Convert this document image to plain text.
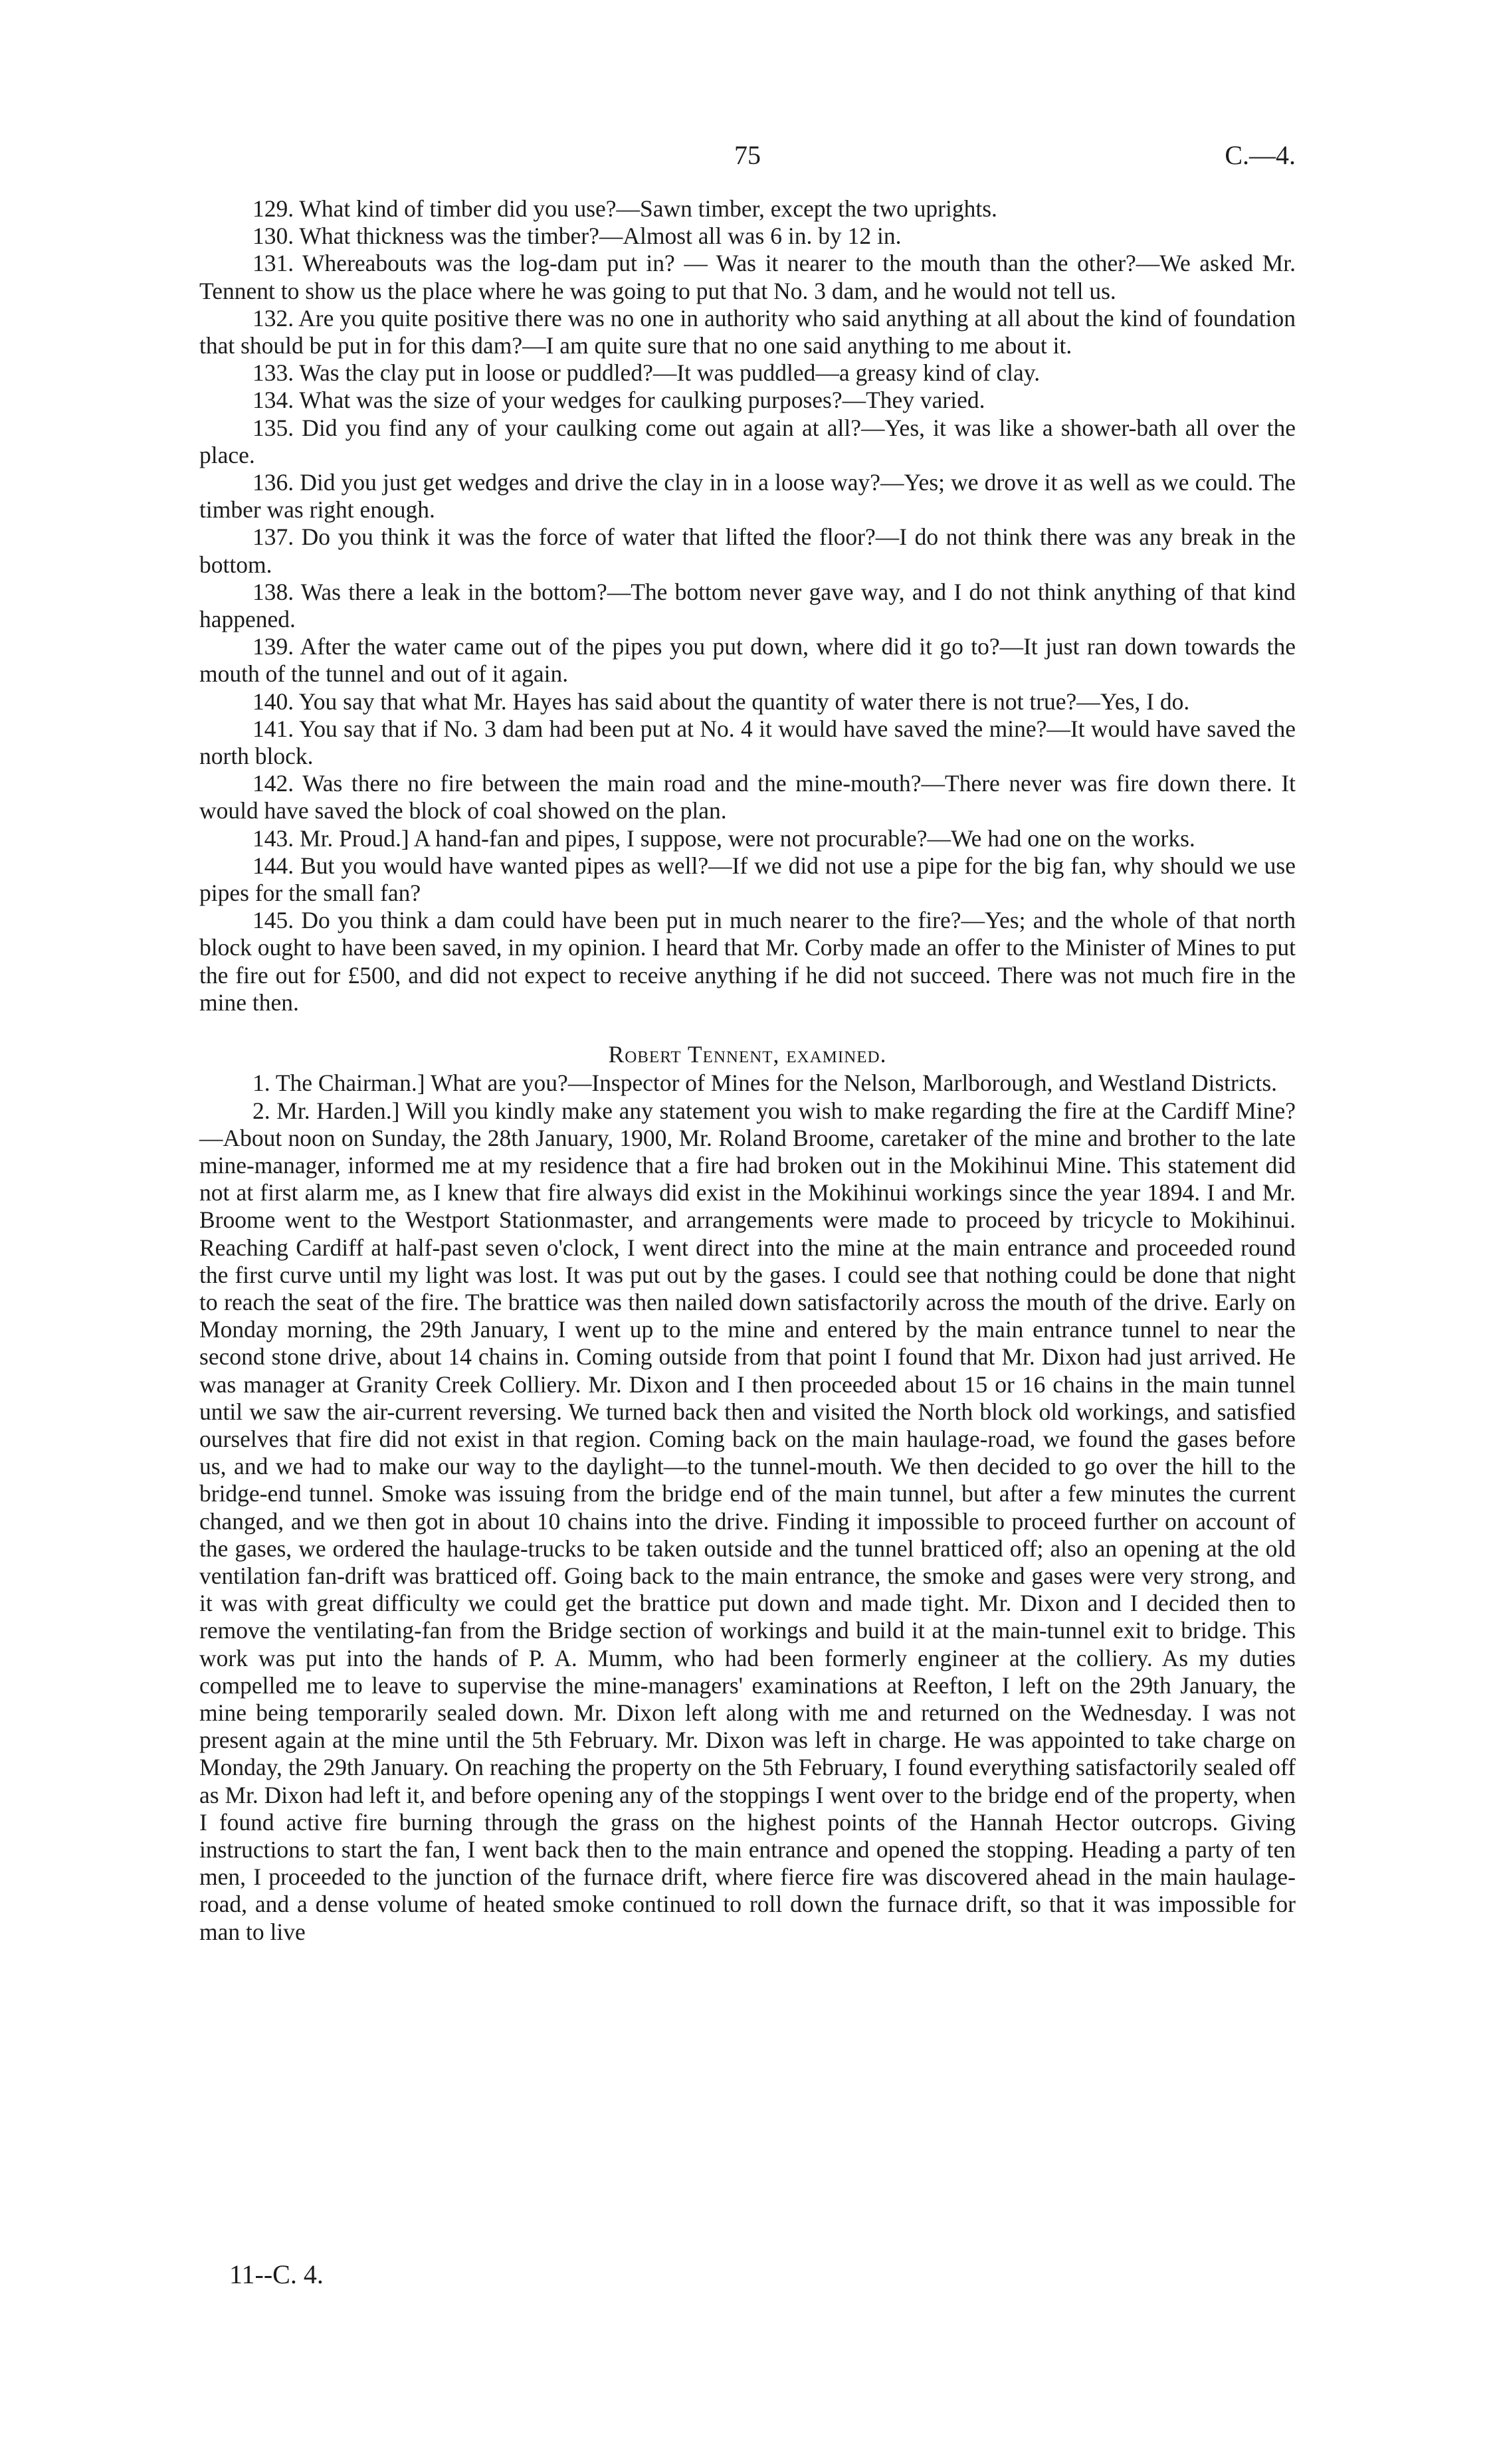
75	C.—4.

129. What kind of timber did you use?—Sawn timber, except the two uprights.

130. What thickness was the timber?—Almost all was 6 in. by 12 in.

131. Whereabouts was the log-dam put in? — Was it nearer to the mouth than the other?—We asked Mr. Tennent to show us the place where he was going to put that No. 3 dam, and he would not tell us.

132. Are you quite positive there was no one in authority who said anything at all about the kind of foundation that should be put in for this dam?—I am quite sure that no one said anything to me about it.

133. Was the clay put in loose or puddled?—It was puddled—a greasy kind of clay.

134. What was the size of your wedges for caulking purposes?—They varied.

135. Did you find any of your caulking come out again at all?—Yes, it was like a shower-bath all over the place.

136. Did you just get wedges and drive the clay in in a loose way?—Yes; we drove it as well as we could. The timber was right enough.

137. Do you think it was the force of water that lifted the floor?—I do not think there was any break in the bottom.

138. Was there a leak in the bottom?—The bottom never gave way, and I do not think anything of that kind happened.

139. After the water came out of the pipes you put down, where did it go to?—It just ran down towards the mouth of the tunnel and out of it again.

140. You say that what Mr. Hayes has said about the quantity of water there is not true?—Yes, I do.

141. You say that if No. 3 dam had been put at No. 4 it would have saved the mine?—It would have saved the north block.

142. Was there no fire between the main road and the mine-mouth?—There never was fire down there. It would have saved the block of coal showed on the plan.

143. Mr. Proud.] A hand-fan and pipes, I suppose, were not procurable?—We had one on the works.

144. But you would have wanted pipes as well?—If we did not use a pipe for the big fan, why should we use pipes for the small fan?

145. Do you think a dam could have been put in much nearer to the fire?—Yes; and the whole of that north block ought to have been saved, in my opinion. I heard that Mr. Corby made an offer to the Minister of Mines to put the fire out for £500, and did not expect to receive anything if he did not succeed. There was not much fire in the mine then.

Robert Tennent, examined.

1. The Chairman.] What are you?—Inspector of Mines for the Nelson, Marlborough, and Westland Districts.

2. Mr. Harden.] Will you kindly make any statement you wish to make regarding the fire at the Cardiff Mine?—About noon on Sunday, the 28th January, 1900, Mr. Roland Broome, caretaker of the mine and brother to the late mine-manager, informed me at my residence that a fire had broken out in the Mokihinui Mine. This statement did not at first alarm me, as I knew that fire always did exist in the Mokihinui workings since the year 1894. I and Mr. Broome went to the Westport Stationmaster, and arrangements were made to proceed by tricycle to Mokihinui. Reaching Cardiff at half-past seven o'clock, I went direct into the mine at the main entrance and proceeded round the first curve until my light was lost. It was put out by the gases. I could see that nothing could be done that night to reach the seat of the fire. The brattice was then nailed down satisfactorily across the mouth of the drive. Early on Monday morning, the 29th January, I went up to the mine and entered by the main entrance tunnel to near the second stone drive, about 14 chains in. Coming outside from that point I found that Mr. Dixon had just arrived. He was manager at Granity Creek Colliery. Mr. Dixon and I then proceeded about 15 or 16 chains in the main tunnel until we saw the air-current reversing. We turned back then and visited the North block old workings, and satisfied ourselves that fire did not exist in that region. Coming back on the main haulage-road, we found the gases before us, and we had to make our way to the daylight—to the tunnel-mouth. We then decided to go over the hill to the bridge-end tunnel. Smoke was issuing from the bridge end of the main tunnel, but after a few minutes the current changed, and we then got in about 10 chains into the drive. Finding it impossible to proceed further on account of the gases, we ordered the haulage-trucks to be taken outside and the tunnel bratticed off; also an opening at the old ventilation fan-drift was bratticed off. Going back to the main entrance, the smoke and gases were very strong, and it was with great difficulty we could get the brattice put down and made tight. Mr. Dixon and I decided then to remove the ventilating-fan from the Bridge section of workings and build it at the main-tunnel exit to bridge. This work was put into the hands of P. A. Mumm, who had been formerly engineer at the colliery. As my duties compelled me to leave to supervise the mine-managers' examinations at Reefton, I left on the 29th January, the mine being temporarily sealed down. Mr. Dixon left along with me and returned on the Wednesday. I was not present again at the mine until the 5th February. Mr. Dixon was left in charge. He was appointed to take charge on Monday, the 29th January. On reaching the property on the 5th February, I found everything satisfactorily sealed off as Mr. Dixon had left it, and before opening any of the stoppings I went over to the bridge end of the property, when I found active fire burning through the grass on the highest points of the Hannah Hector outcrops. Giving instructions to start the fan, I went back then to the main entrance and opened the stopping. Heading a party of ten men, I proceeded to the junction of the furnace drift, where fierce fire was discovered ahead in the main haulage-road, and a dense volume of heated smoke continued to roll down the furnace drift, so that it was impossible for man to live

11--C. 4.
